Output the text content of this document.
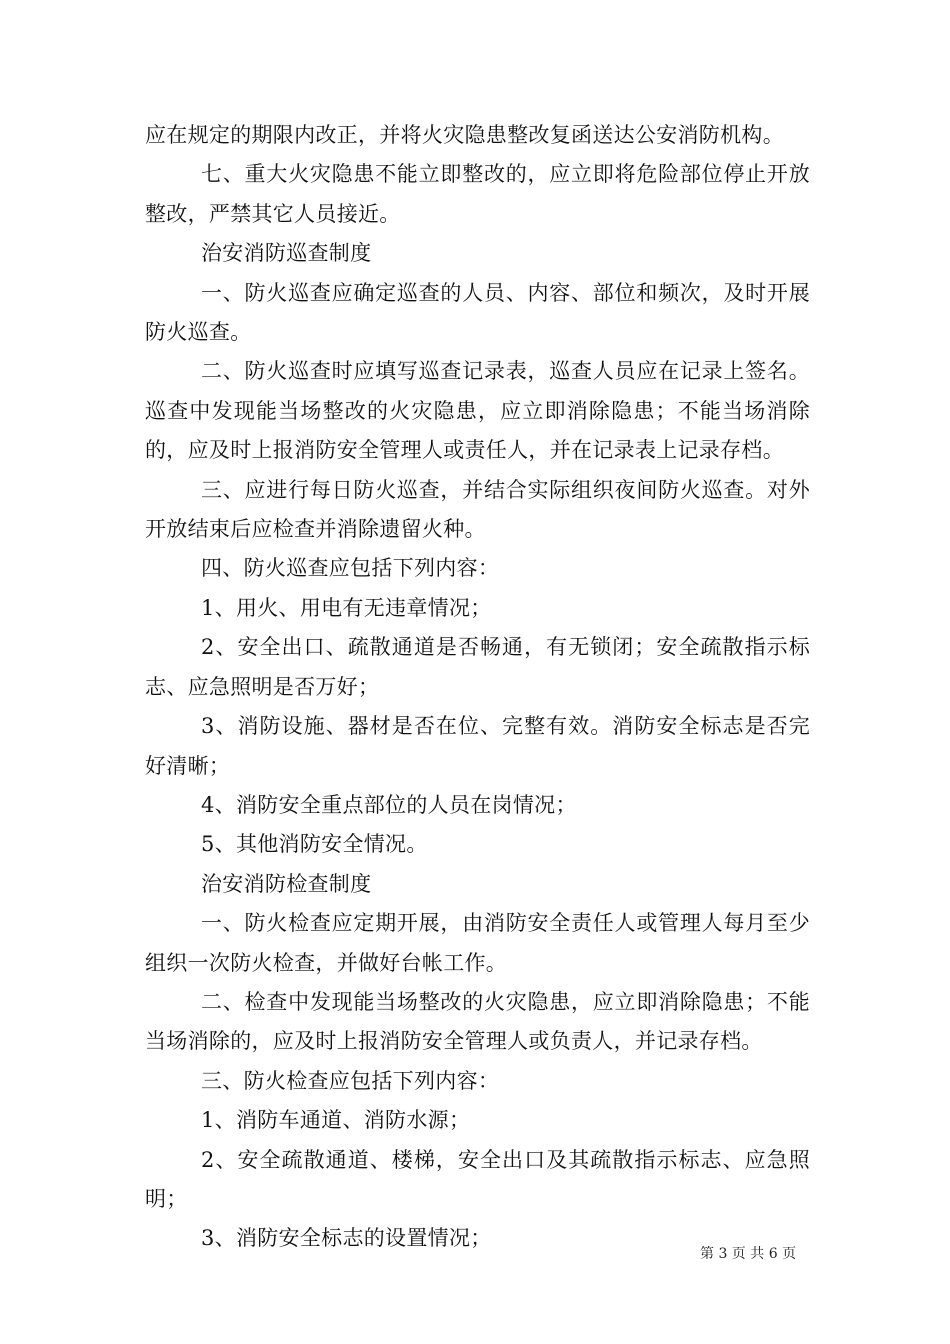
应在规定的期限内改正，并将火灾隐患整改复函送达公安消防机构。

七、重大火灾隐患不能立即整改的，应立即将危险部位停止开放整改，严禁其它人员接近。

治安消防巡查制度

一、防火巡查应确定巡查的人员、内容、部位和频次，及时开展防火巡查。

二、防火巡查时应填写巡查记录表，巡查人员应在记录上签名。巡查中发现能当场整改的火灾隐患，应立即消除隐患；不能当场消除的，应及时上报消防安全管理人或责任人，并在记录表上记录存档。

三、应进行每日防火巡查，并结合实际组织夜间防火巡查。对外开放结束后应检查并消除遗留火种。

四、防火巡查应包括下列内容：

1、用火、用电有无违章情况；

2、安全出口、疏散通道是否畅通，有无锁闭；安全疏散指示标志、应急照明是否万好；

3、消防设施、器材是否在位、完整有效。消防安全标志是否完好清晰；

4、消防安全重点部位的人员在岗情况；

5、其他消防安全情况。

治安消防检查制度

一、防火检查应定期开展，由消防安全责任人或管理人每月至少组织一次防火检查，并做好台帐工作。

二、检查中发现能当场整改的火灾隐患，应立即消除隐患；不能当场消除的，应及时上报消防安全管理人或负责人，并记录存档。

三、防火检查应包括下列内容：

1、消防车通道、消防水源；

2、安全疏散通道、楼梯，安全出口及其疏散指示标志、应急照明；

3、消防安全标志的设置情况；

第 3 页 共 6 页
